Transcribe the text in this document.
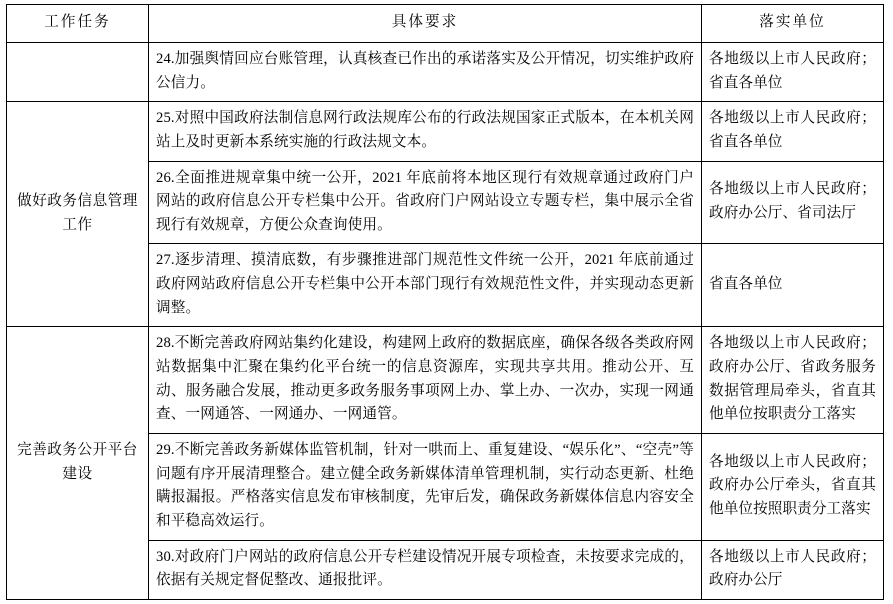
工作任务	具体要求	落实单位
	24.加强舆情回应台账管理，认真核查已作出的承诺落实及公开情况，切实维护政府公信力。	各地级以上市人民政府；省直各单位
做好政务信息管理工作	25.对照中国政府法制信息网行政法规库公布的行政法规国家正式版本，在本机关网站上及时更新本系统实施的行政法规文本。	各地级以上市人民政府；省直各单位
	26.全面推进规章集中统一公开，2021 年底前将本地区现行有效规章通过政府门户网站的政府信息公开专栏集中公开。省政府门户网站设立专题专栏，集中展示全省现行有效规章，方便公众查询使用。	各地级以上市人民政府；政府办公厅、省司法厅
	27.逐步清理、摸清底数，有步骤推进部门规范性文件统一公开，2021 年底前通过政府网站政府信息公开专栏集中公开本部门现行有效规范性文件，并实现动态更新调整。	省直各单位
完善政务公开平台建设	28.不断完善政府网站集约化建设，构建网上政府的数据底座，确保各级各类政府网站数据集中汇聚在集约化平台统一的信息资源库，实现共享共用。推动公开、互动、服务融合发展，推动更多政务服务事项网上办、掌上办、一次办，实现一网通查、一网通答、一网通办、一网通管。	各地级以上市人民政府；政府办公厅、省政务服务数据管理局牵头，省直其他单位按职责分工落实
	29.不断完善政务新媒体监管机制，针对一哄而上、重复建设、“娱乐化”、“空壳”等问题有序开展清理整合。建立健全政务新媒体清单管理机制，实行动态更新、杜绝瞒报漏报。严格落实信息发布审核制度，先审后发，确保政务新媒体信息内容安全和平稳高效运行。	各地级以上市人民政府；政府办公厅牵头，省直其他单位按照职责分工落实
	30.对政府门户网站的政府信息公开专栏建设情况开展专项检查，未按要求完成的，依据有关规定督促整改、通报批评。	各地级以上市人民政府；政府办公厅
